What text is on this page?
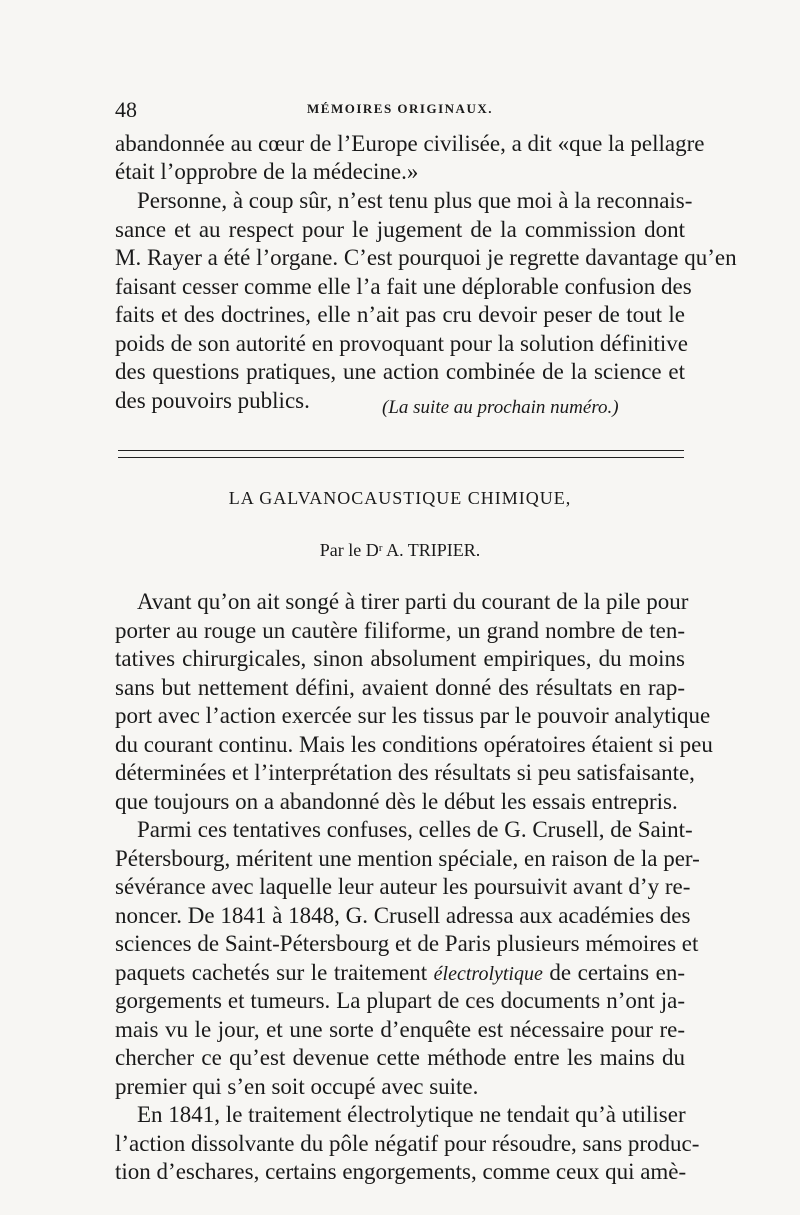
48	MÉMOIRES ORIGINAUX.
abandonnée au cœur de l’Europe civilisée, a dit «que la pellagre
était l’opprobre de la médecine.»
Personne, à coup sûr, n’est tenu plus que moi à la reconnais-
sance et au respect pour le jugement de la commission dont
M. Rayer a été l’organe. C’est pourquoi je regrette davantage qu’en
faisant cesser comme elle l’a fait une déplorable confusion des
faits et des doctrines, elle n’ait pas cru devoir peser de tout le
poids de son autorité en provoquant pour la solution définitive
des questions pratiques, une action combinée de la science et
des pouvoirs publics.	(La suite au prochain numéro.)
LA GALVANOCAUSTIQUE CHIMIQUE,
Par le Dʳ A. TRIPIER.
Avant qu’on ait songé à tirer parti du courant de la pile pour
porter au rouge un cautère filiforme, un grand nombre de ten-
tatives chirurgicales, sinon absolument empiriques, du moins
sans but nettement défini, avaient donné des résultats en rap-
port avec l’action exercée sur les tissus par le pouvoir analytique
du courant continu. Mais les conditions opératoires étaient si peu
déterminées et l’interprétation des résultats si peu satisfaisante,
que toujours on a abandonné dès le début les essais entrepris.
Parmi ces tentatives confuses, celles de G. Crusell, de Saint-
Pétersbourg, méritent une mention spéciale, en raison de la per-
sévérance avec laquelle leur auteur les poursuivit avant d’y re-
noncer. De 1841 à 1848, G. Crusell adressa aux académies des
sciences de Saint-Pétersbourg et de Paris plusieurs mémoires et
paquets cachetés sur le traitement électrolytique de certains en-
gorgements et tumeurs. La plupart de ces documents n’ont ja-
mais vu le jour, et une sorte d’enquête est nécessaire pour re-
chercher ce qu’est devenue cette méthode entre les mains du
premier qui s’en soit occupé avec suite.
En 1841, le traitement électrolytique ne tendait qu’à utiliser
l’action dissolvante du pôle négatif pour résoudre, sans produc-
tion d’eschares, certains engorgements, comme ceux qui amè-
